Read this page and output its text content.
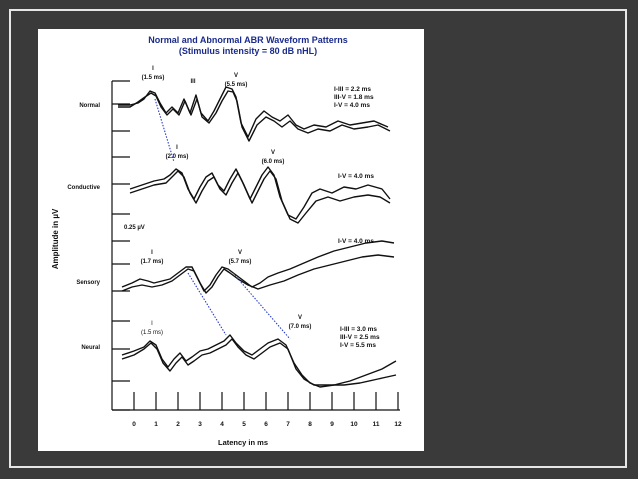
Normal and Abnormal ABR Waveform Patterns
(Stimulus intensity = 80 dB nHL)
Amplitude in µV
Normal
Conductive
Sensory
Neural
0.25 µV
0	1	2	3	4	5	6	7	8	9	10 11 12
Latency in ms
I
(1.5 ms)
III
V
(5.5 ms)
I-III = 2.2 ms
III-V = 1.8 ms
I-V = 4.0 ms
I
(2.0 ms)
V
(6.0 ms)
I-V = 4.0 ms
I-V = 4.0 ms
I
(1.7 ms)
V
(5.7 ms)
I
(1.5 ms)
V
(7.0 ms)	I-III = 3.0 ms
III-V = 2.5 ms
I-V = 5.5 ms
